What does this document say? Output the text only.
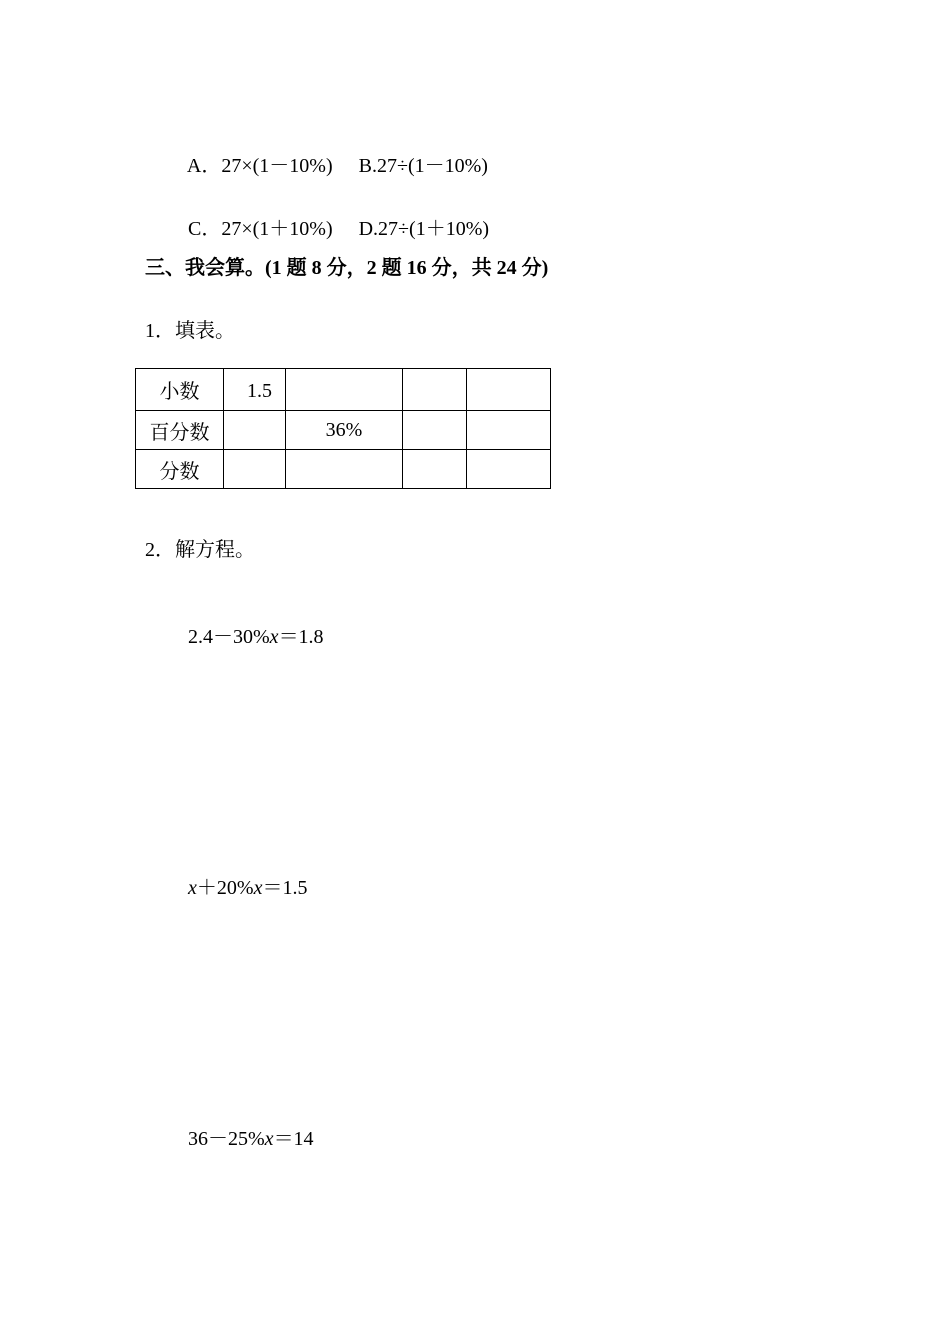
A．27×(1－10%) B.27÷(1－10%)

C．27×(1＋10%) D.27÷(1＋10%)

三、我会算。(1 题 8 分，2 题 16 分，共 24 分)
1．填表。
小数	1.5			
百分数		36%		
分数				
2．解方程。

2.4－30%x＝1.8

x＋20%x＝1.5

36－25%x＝14
